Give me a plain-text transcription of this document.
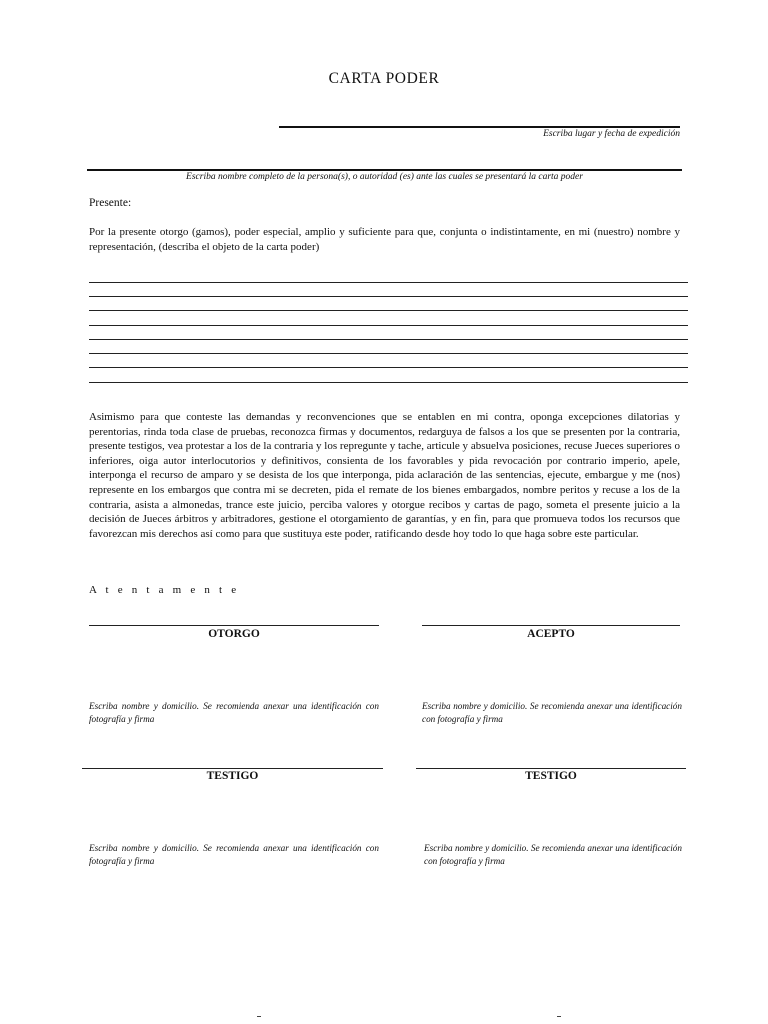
CARTA PODER
Escriba lugar y fecha de expedición
Escriba nombre completo de la persona(s), o autoridad (es) ante las cuales se presentará la carta poder
Presente:
Por la presente otorgo (gamos), poder especial, amplio y suficiente para que, conjunta o indistintamente, en mi (nuestro) nombre y representación, (describa el objeto de la carta poder)
Asimismo para que conteste las demandas y reconvenciones que se entablen en mi contra, oponga excepciones dilatorias y perentorias, rinda toda clase de pruebas, reconozca firmas y documentos, redarguya de falsos a los que se presenten por la contraria, presente testigos, vea protestar a los de la contraria y los repregunte y tache, articule y absuelva posiciones, recuse Jueces superiores o inferiores, oiga autor interlocutorios y definitivos, consienta de los favorables y pida revocación por contrario imperio, apele, interponga el recurso de amparo y se desista de los que interponga, pida aclaración de las sentencias, ejecute, embargue y me (nos) represente en los embargos que contra mi se decreten, pida el remate de los bienes embargados, nombre peritos y recuse a los de la contraria, asista a almonedas, trance este juicio, perciba valores y otorgue recibos y cartas de pago, someta el presente juicio a la decisión de Jueces árbitros y arbitradores, gestione el otorgamiento de garantías, y en fin, para que promueva todos los recursos que favorezcan mis derechos así como para que sustituya este poder, ratificando desde hoy todo lo que haga sobre este particular.
A t e n t a m e n t e
OTORGO
Escriba nombre y domicilio. Se recomienda anexar una identificación con fotografía y firma
ACEPTO
Escriba nombre y domicilio. Se recomienda anexar una identificación con fotografía y firma
TESTIGO
Escriba nombre y domicilio. Se recomienda anexar una identificación con fotografía y firma
TESTIGO
Escriba nombre y domicilio. Se recomienda anexar una identificación con fotografía y firma
